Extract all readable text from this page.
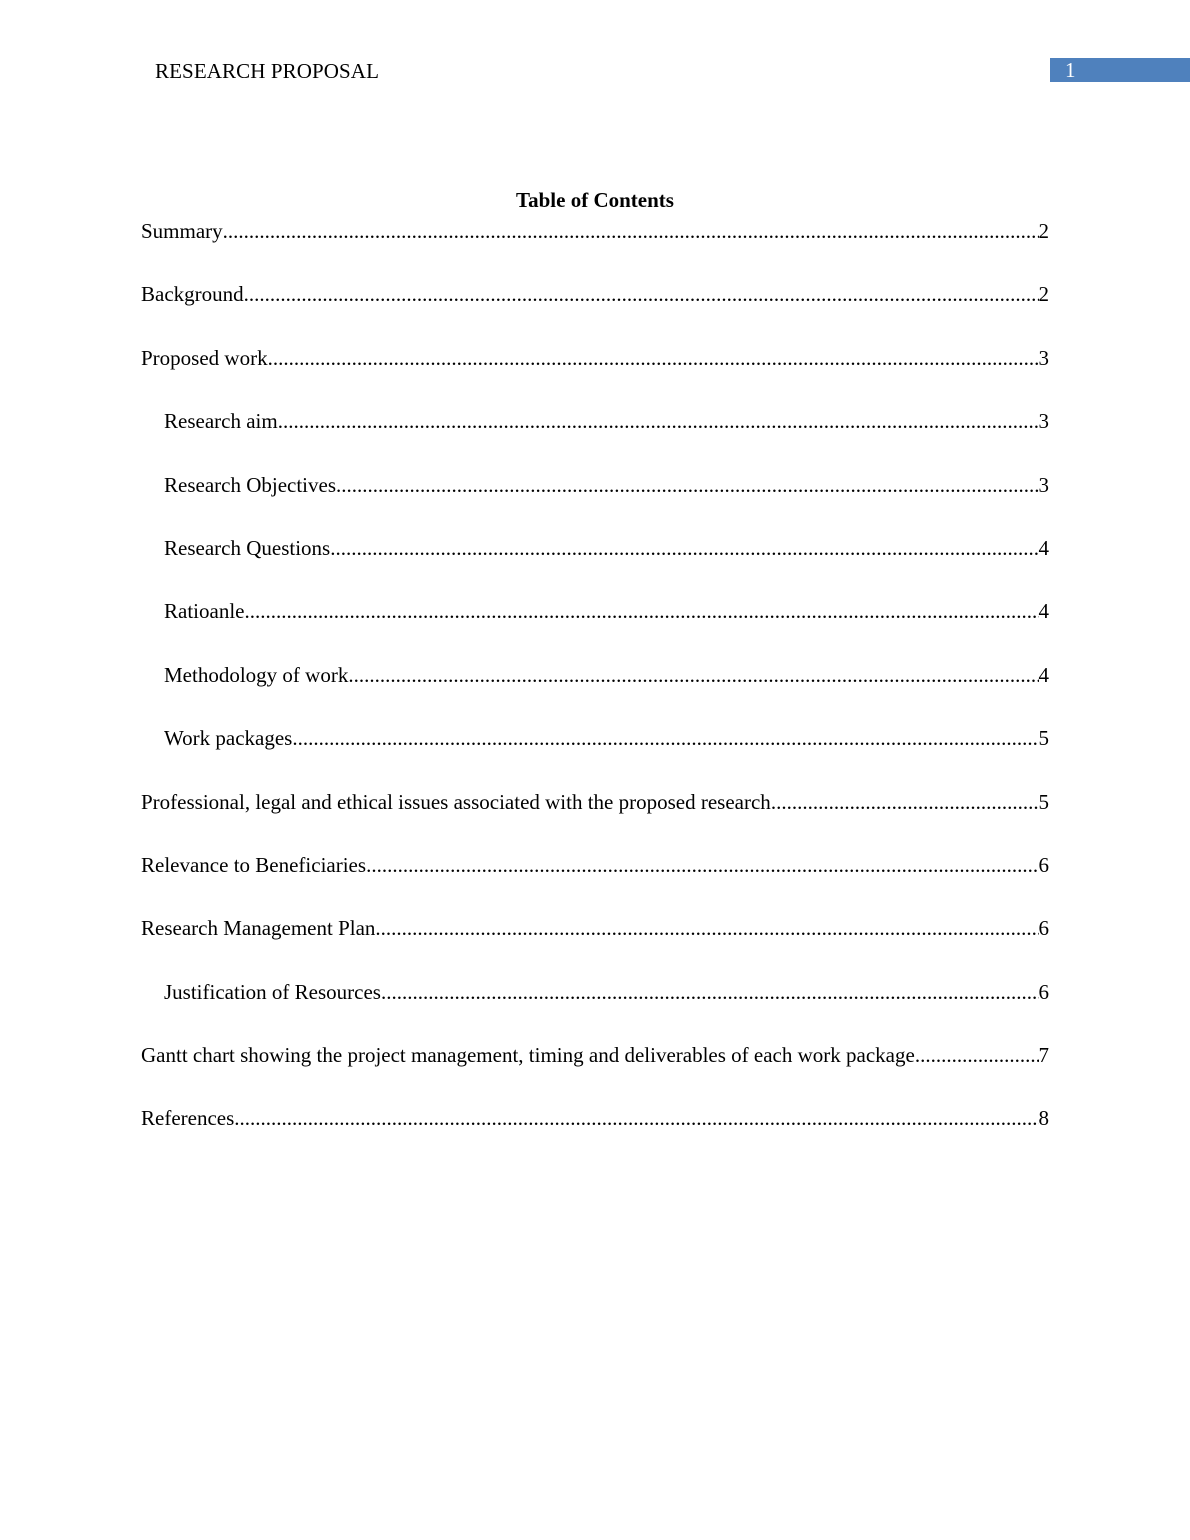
RESEARCH PROPOSAL	1
Table of Contents
Summary .....	2
Background .....	2
Proposed work .....	3
Research aim .....	3
Research Objectives .....	3
Research Questions .....	4
Ratioanle .....	4
Methodology of work .....	4
Work packages .....	5
Professional, legal and ethical issues associated with the proposed research .....	5
Relevance to Beneficiaries .....	6
Research Management Plan .....	6
Justification of Resources .....	6
Gantt chart showing the project management, timing and deliverables of each work package .....	7
References .....	8
